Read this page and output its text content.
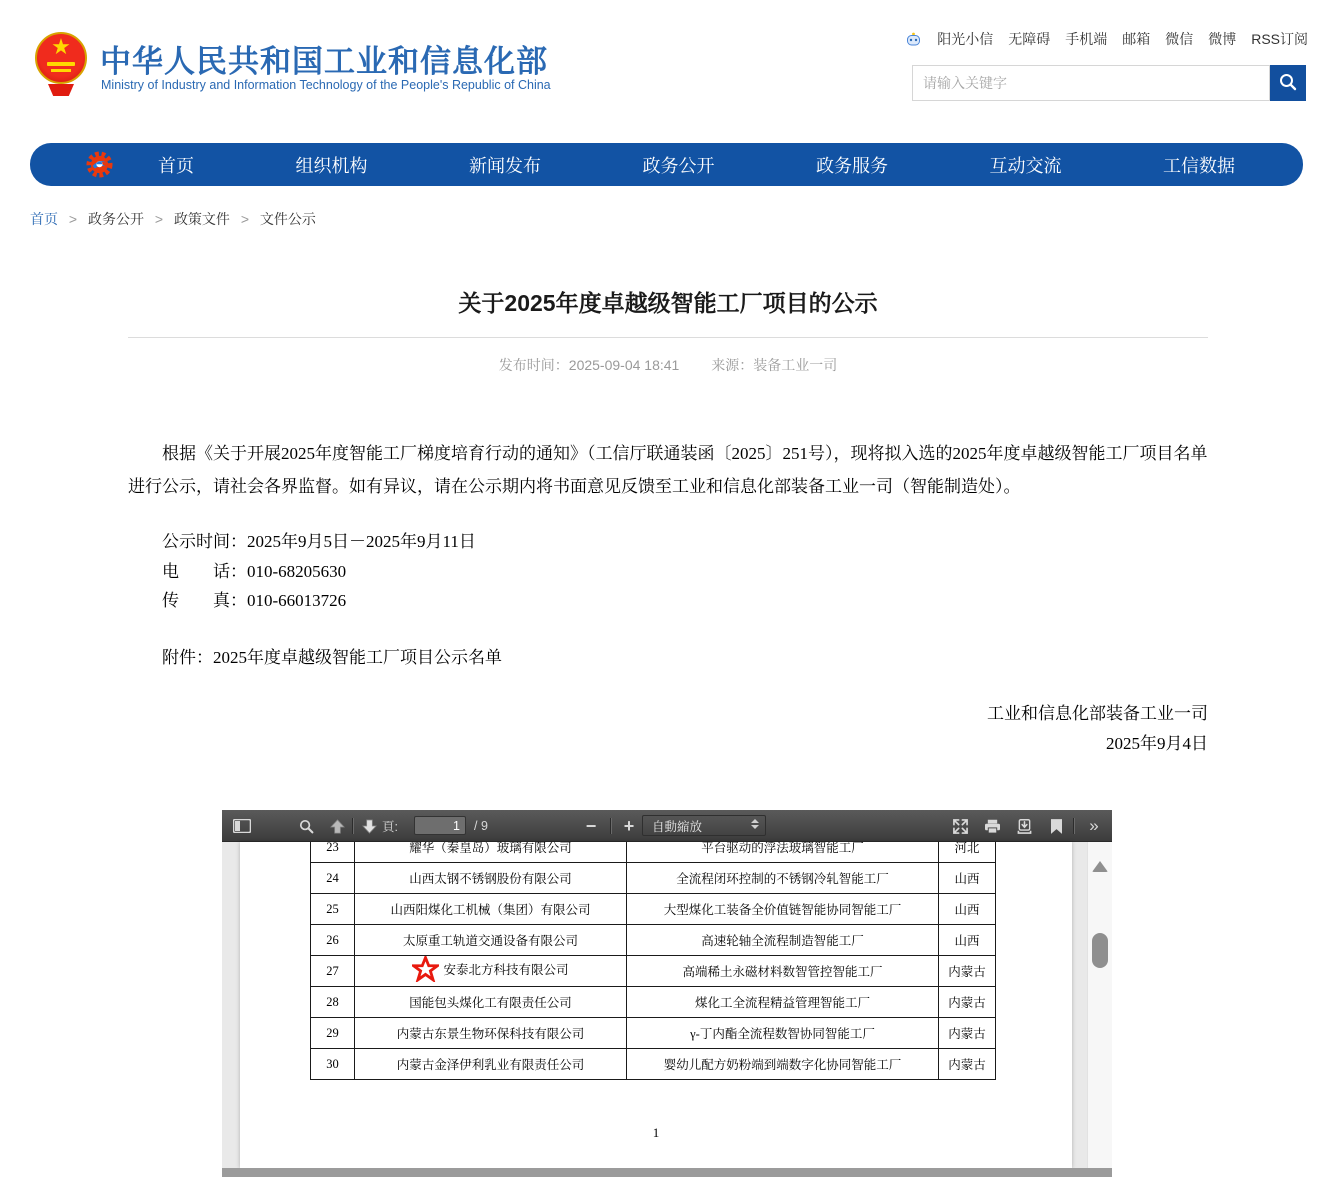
★ 中华人民共和国工业和信息化部
Ministry of Industry and Information Technology of the People's Republic of China
阳光小信 无障碍 手机端 邮箱 微信 微博 RSS订阅
请输入关键字
首页	组织机构	新闻发布	政务公开	政务服务	互动交流	工信数据
首页 > 政务公开 > 政策文件 > 文件公示
关于2025年度卓越级智能工厂项目的公示
发布时间：2025-09-04 18:41 来源：装备工业一司
根据《关于开展2025年度智能工厂梯度培育行动的通知》（工信厅联通装函〔2025〕251号），现将拟入选的2025年度卓越级智能工厂项目名单进行公示，请社会各界监督。如有异议，请在公示期内将书面意见反馈至工业和信息化部装备工业一司（智能制造处）。
公示时间：2025年9月5日－2025年9月11日
电　　话：010-68205630
传　　真：010-66013726
附件：2025年度卓越级智能工厂项目公示名单
工业和信息化部装备工业一司
2025年9月4日
頁:
1	/ 9	−	+	自動縮放	»
23	耀华（秦皇岛）玻璃有限公司	平台驱动的浮法玻璃智能工厂	河北
24	山西太钢不锈钢股份有限公司	全流程闭环控制的不锈钢冷轧智能工厂	山西
25	山西阳煤化工机械（集团）有限公司	大型煤化工装备全价值链智能协同智能工厂	山西
26	太原重工轨道交通设备有限公司	高速轮轴全流程制造智能工厂	山西
27	安泰北方科技有限公司	高端稀土永磁材料数智管控智能工厂	内蒙古
28	国能包头煤化工有限责任公司	煤化工全流程精益管理智能工厂	内蒙古
29	内蒙古东景生物环保科技有限公司	γ-丁内酯全流程数智协同智能工厂	内蒙古
30	内蒙古金泽伊利乳业有限责任公司	婴幼儿配方奶粉端到端数字化协同智能工厂	内蒙古
1
